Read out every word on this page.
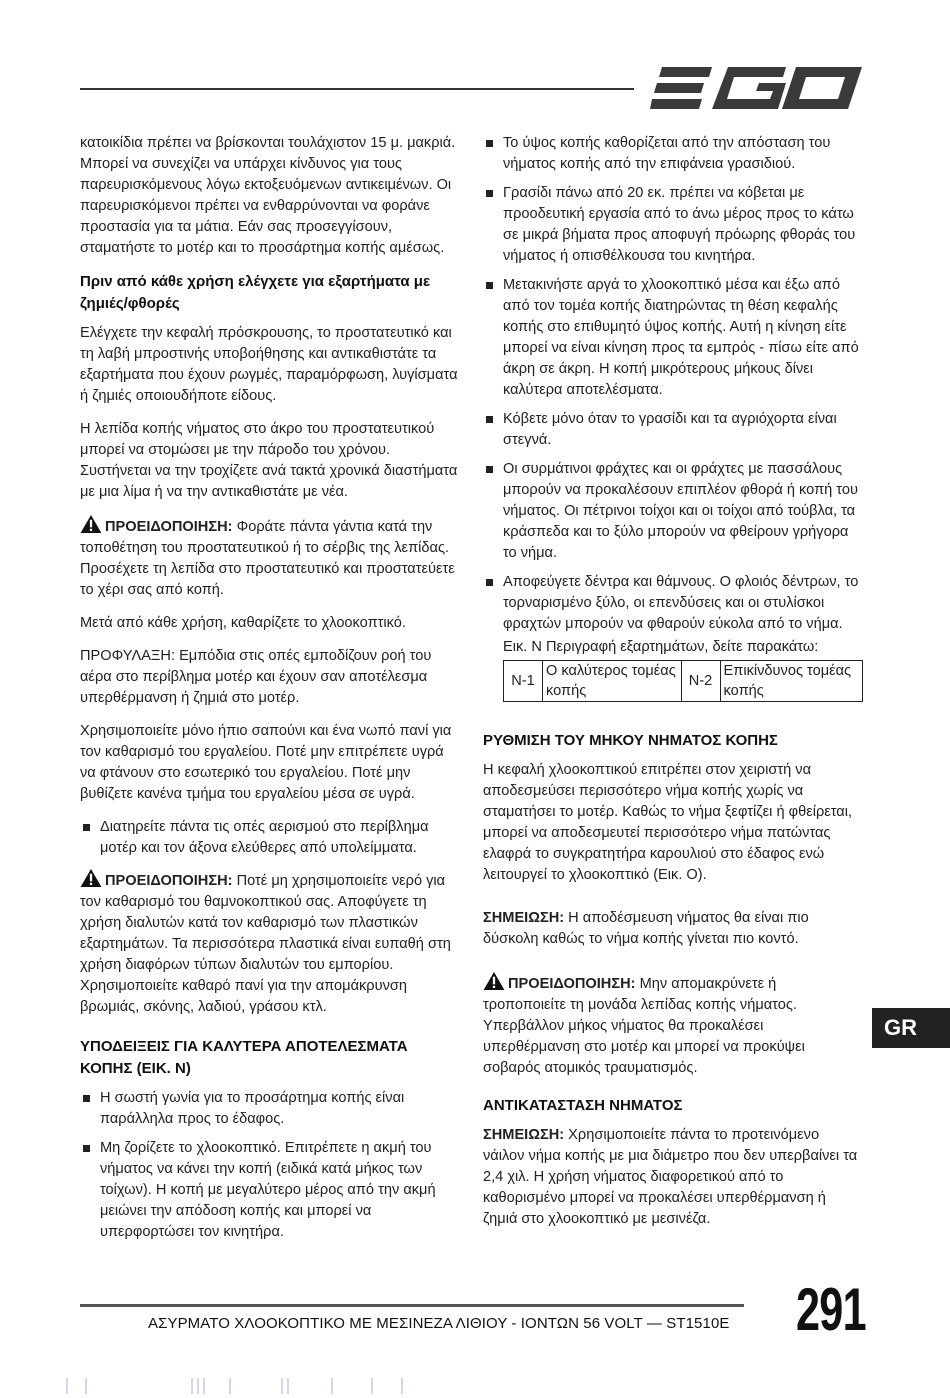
κατοικίδια πρέπει να βρίσκονται τουλάχιστον 15 μ. μακριά. Μπορεί να συνεχίζει να υπάρχει κίνδυνος για τους παρευρισκόμενους λόγω εκτοξευόμενων αντικειμένων. Οι παρευρισκόμενοι πρέπει να ενθαρρύνονται να φοράνε προστασία για τα μάτια. Εάν σας προσεγγίσουν, σταματήστε το μοτέρ και το προσάρτημα κοπής αμέσως.

Πριν από κάθε χρήση ελέγχετε για εξαρτήματα με ζημιές/φθορές

Ελέγχετε την κεφαλή πρόσκρουσης, το προστατευτικό και τη λαβή μπροστινής υποβοήθησης και αντικαθιστάτε τα εξαρτήματα που έχουν ρωγμές, παραμόρφωση, λυγίσματα ή ζημιές οποιουδήποτε είδους.

Η λεπίδα κοπής νήματος στο άκρο του προστατευτικού μπορεί να στομώσει με την πάροδο του χρόνου. Συστήνεται να την τροχίζετε ανά τακτά χρονικά διαστήματα με μια λίμα ή να την αντικαθιστάτε με νέα.

ΠΡΟΕΙΔΟΠΟΙΗΣΗ: Φοράτε πάντα γάντια κατά την τοποθέτηση του προστατευτικού ή το σέρβις της λεπίδας. Προσέχετε τη λεπίδα στο προστατευτικό και προστατεύετε το χέρι σας από κοπή.

Μετά από κάθε χρήση, καθαρίζετε το χλοοκοπτικό.

ΠΡΟΦΥΛΑΞΗ: Εμπόδια στις οπές εμποδίζουν ροή του αέρα στο περίβλημα μοτέρ και έχουν σαν αποτέλεσμα υπερθέρμανση ή ζημιά στο μοτέρ.

Χρησιμοποιείτε μόνο ήπιο σαπούνι και ένα νωπό πανί για τον καθαρισμό του εργαλείου. Ποτέ μην επιτρέπετε υγρά να φτάνουν στο εσωτερικό του εργαλείου. Ποτέ μην βυθίζετε κανένα τμήμα του εργαλείου μέσα σε υγρά.

Διατηρείτε πάντα τις οπές αερισμού στο περίβλημα μοτέρ και τον άξονα ελεύθερες από υπολείμματα.

ΠΡΟΕΙΔΟΠΟΙΗΣΗ: Ποτέ μη χρησιμοποιείτε νερό για τον καθαρισμό του θαμνοκοπτικού σας. Αποφύγετε τη χρήση διαλυτών κατά τον καθαρισμό των πλαστικών εξαρτημάτων. Τα περισσότερα πλαστικά είναι ευπαθή στη χρήση διαφόρων τύπων διαλυτών του εμπορίου. Χρησιμοποιείτε καθαρό πανί για την απομάκρυνση βρωμιάς, σκόνης, λαδιού, γράσου κτλ.

ΥΠΟΔΕΙΞΕΙΣ ΓΙΑ ΚΑΛΥΤΕΡΑ ΑΠΟΤΕΛΕΣΜΑΤΑ ΚΟΠΗΣ (ΕΙΚ. N)
Η σωστή γωνία για το προσάρτημα κοπής είναι παράλληλα προς το έδαφος.
Μη ζορίζετε το χλοοκοπτικό. Επιτρέπετε η ακμή του νήματος να κάνει την κοπή (ειδικά κατά μήκος των τοίχων). Η κοπή με μεγαλύτερο μέρος από την ακμή μειώνει την απόδοση κοπής και μπορεί να υπερφορτώσει τον κινητήρα.
Το ύψος κοπής καθορίζεται από την απόσταση του νήματος κοπής από την επιφάνεια γρασιδιού.
Γρασίδι πάνω από 20 εκ. πρέπει να κόβεται με προοδευτική εργασία από το άνω μέρος προς το κάτω σε μικρά βήματα προς αποφυγή πρόωρης φθοράς του νήματος ή οπισθέλκουσα του κινητήρα.
Μετακινήστε αργά το χλοοκοπτικό μέσα και έξω από από τον τομέα κοπής διατηρώντας τη θέση κεφαλής κοπής στο επιθυμητό ύψος κοπής. Αυτή η κίνηση είτε μπορεί να είναι κίνηση προς τα εμπρός - πίσω είτε από άκρη σε άκρη. Η κοπή μικρότερους μήκους δίνει καλύτερα αποτελέσματα.
Κόβετε μόνο όταν το γρασίδι και τα αγριόχορτα είναι στεγνά.
Οι συρμάτινοι φράχτες και οι φράχτες με πασσάλους μπορούν να προκαλέσουν επιπλέον φθορά ή κοπή του νήματος. Οι πέτρινοι τοίχοι και οι τοίχοι από τούβλα, τα κράσπεδα και το ξύλο μπορούν να φθείρουν γρήγορα το νήμα.
Αποφεύγετε δέντρα και θάμνους. Ο φλοιός δέντρων, το τορναρισμένο ξύλο, οι επενδύσεις και οι στυλίσκοι φραχτών μπορούν να φθαρούν εύκολα από το νήμα.
Εικ. N Περιγραφή εξαρτημάτων, δείτε παρακάτω:
N-1	Ο καλύτερος τομέας κοπής	N-2	Επικίνδυνος τομέας κοπής
ΡΥΘΜΙΣΗ ΤΟΥ ΜΗΚΟΥ ΝΗΜΑΤΟΣ ΚΟΠΗΣ

Η κεφαλή χλοοκοπτικού επιτρέπει στον χειριστή να αποδεσμεύσει περισσότερο νήμα κοπής χωρίς να σταματήσει το μοτέρ. Καθώς το νήμα ξεφτίζει ή φθείρεται, μπορεί να αποδεσμευτεί περισσότερο νήμα πατώντας ελαφρά το συγκρατητήρα καρουλιού στο έδαφος ενώ λειτουργεί το χλοοκοπτικό (Εικ. O).

ΣΗΜΕΙΩΣΗ: Η αποδέσμευση νήματος θα είναι πιο δύσκολη καθώς το νήμα κοπής γίνεται πιο κοντό.

ΠΡΟΕΙΔΟΠΟΙΗΣΗ: Μην απομακρύνετε ή τροποποιείτε τη μονάδα λεπίδας κοπής νήματος. Υπερβάλλον μήκος νήματος θα προκαλέσει υπερθέρμανση στο μοτέρ και μπορεί να προκύψει σοβαρός ατομικός τραυματισμός.

ΑΝΤΙΚΑΤΑΣΤΑΣΗ ΝΗΜΑΤΟΣ

ΣΗΜΕΙΩΣΗ: Χρησιμοποιείτε πάντα το προτεινόμενο νάιλον νήμα κοπής με μια διάμετρο που δεν υπερβαίνει τα 2,4 χιλ. Η χρήση νήματος διαφορετικού από το καθορισμένο μπορεί να προκαλέσει υπερθέρμανση ή ζημιά στο χλοοκοπτικό με μεσινέζα.

GR
ΑΣΥΡΜΑΤΟ ΧΛΟΟΚΟΠΤΙΚΟ ΜΕ ΜΕΣΙΝΕΖΑ ΛΙΘΙΟΥ - ΙΟΝΤΩΝ 56 VOLT — ST1510E 291
